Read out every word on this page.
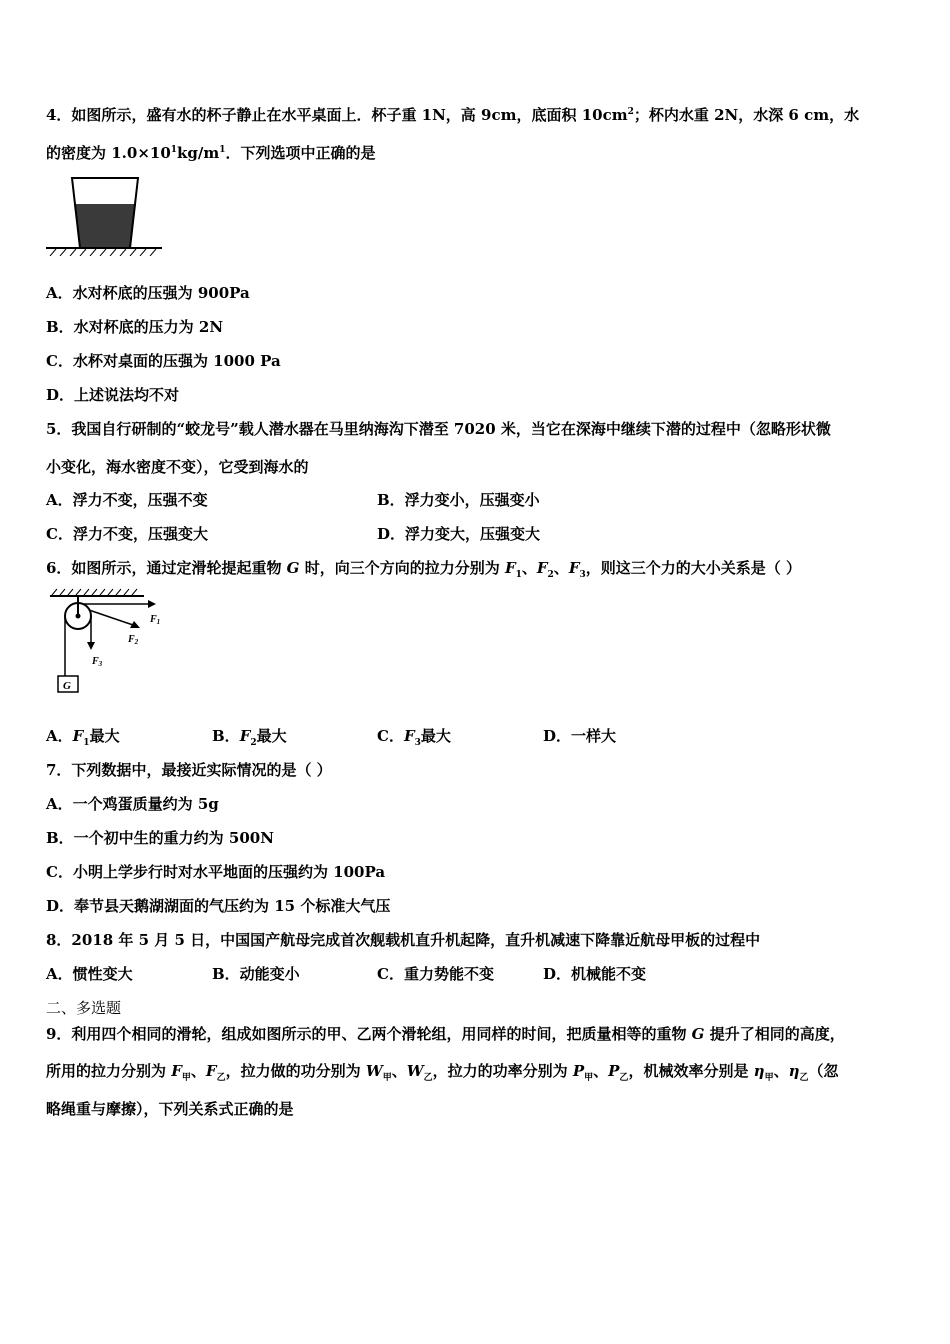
4．如图所示，盛有水的杯子静止在水平桌面上．杯子重 1N，高 9cm，底面积 $10cm^2$；杯内水重 2N，水深 6 cm，水
的密度为 $1.0\times 10^1kg/m^1$．下列选项中正确的是
A．水对杯底的压强为 900Pa
B．水对杯底的压力为 2N
C．水杯对桌面的压强为 1000 Pa
D．上述说法均不对
5．我国自行研制的“蛟龙号”载人潜水器在马里纳海沟下潜至 7020 米，当它在深海中继续下潜的过程中（忽略形状微
小变化，海水密度不变），它受到海水的
A．浮力不变，压强不变	B．浮力变小，压强变小
C．浮力不变，压强变大	D．浮力变大，压强变大
6．如图所示，通过定滑轮提起重物 G 时，向三个方向的拉力分别为 $F_1$、$F_2$、$F_3$，则这三个力的大小关系是（ ）
G
$F_1$
$F_2$
$F_3$
A．$F_1$最大	B．$F_2$最大	C．$F_3$最大	D．一样大
7．下列数据中，最接近实际情况的是（ ）
A．一个鸡蛋质量约为 5g
B．一个初中生的重力约为 500N
C．小明上学步行时对水平地面的压强约为 100Pa
D．奉节县天鹅湖湖面的气压约为 15 个标准大气压
8．2018 年 5 月 5 日，中国国产航母完成首次舰载机直升机起降，直升机减速下降靠近航母甲板的过程中
A．惯性变大	B．动能变小	C．重力势能不变	D．机械能不变
二、多选题
9．利用四个相同的滑轮，组成如图所示的甲、乙两个滑轮组，用同样的时间，把质量相等的重物 G 提升了相同的高度，
所用的拉力分别为 $F_甲$、$F_乙$，拉力做的功分别为 $W_甲$、$W_乙$，拉力的功率分别为 $P_甲$、$P_乙$，机械效率分别是 $\eta_甲$、$\eta_乙$（忽
略绳重与摩擦），下列关系式正确的是
